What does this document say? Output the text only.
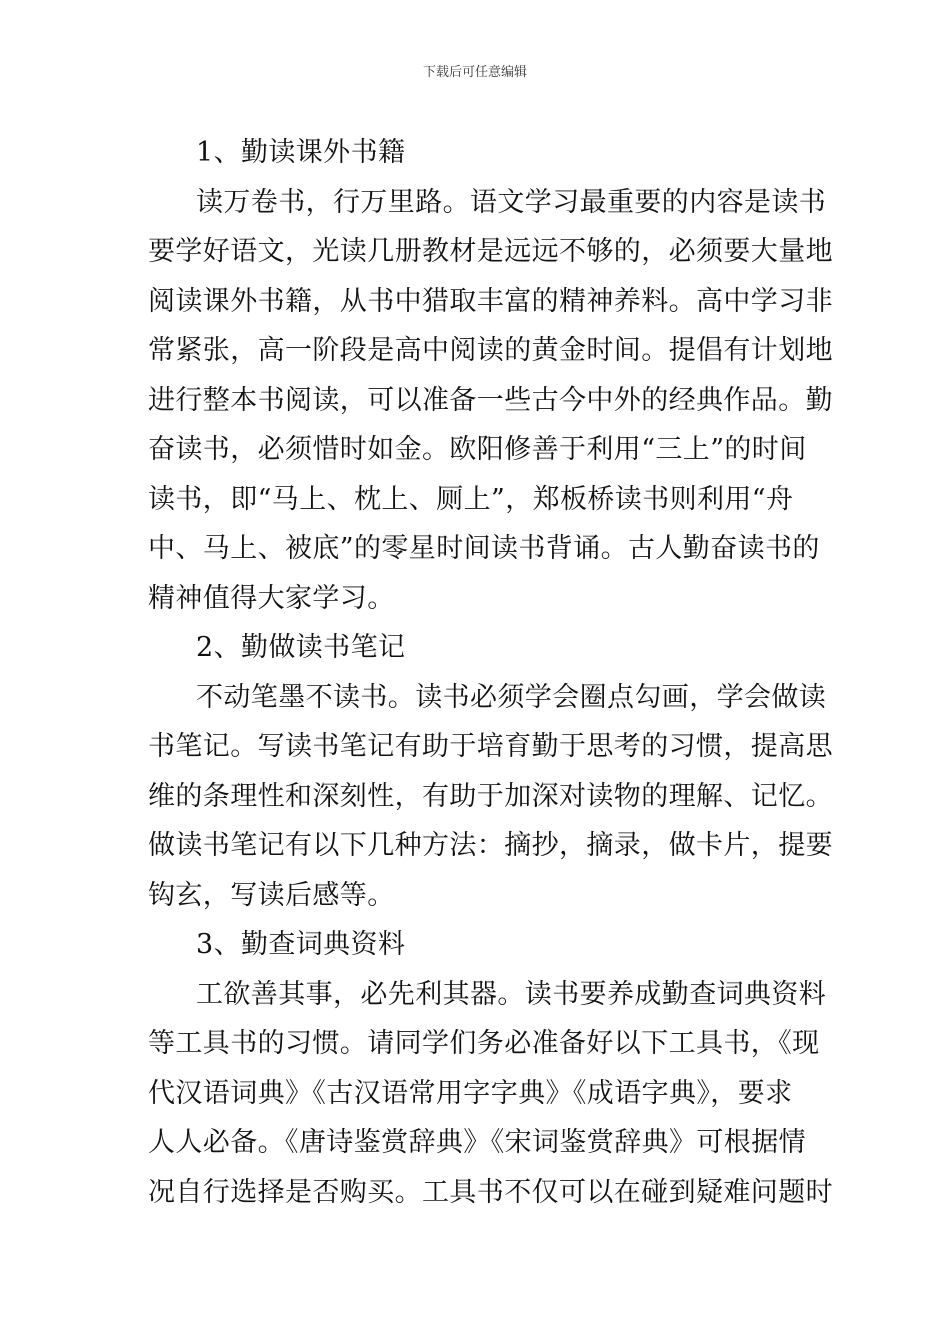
下载后可任意编辑
1、勤读课外书籍
读万卷书，行万里路。语文学习最重要的内容是读书
要学好语文，光读几册教材是远远不够的，必须要大量地
阅读课外书籍，从书中猎取丰富的精神养料。高中学习非
常紧张，高一阶段是高中阅读的黄金时间。提倡有计划地
进行整本书阅读，可以准备一些古今中外的经典作品。勤
奋读书，必须惜时如金。欧阳修善于利用“三上”的时间
读书，即“马上、枕上、厕上”，郑板桥读书则利用“舟
中、马上、被底”的零星时间读书背诵。古人勤奋读书的
精神值得大家学习。
2、勤做读书笔记
不动笔墨不读书。读书必须学会圈点勾画，学会做读
书笔记。写读书笔记有助于培育勤于思考的习惯，提高思
维的条理性和深刻性，有助于加深对读物的理解、记忆。
做读书笔记有以下几种方法：摘抄，摘录，做卡片，提要
钩玄，写读后感等。
3、勤查词典资料
工欲善其事，必先利其器。读书要养成勤查词典资料
等工具书的习惯。请同学们务必准备好以下工具书，《现
代汉语词典》《古汉语常用字字典》《成语字典》，要求
人人必备。《唐诗鉴赏辞典》《宋词鉴赏辞典》可根据情
况自行选择是否购买。工具书不仅可以在碰到疑难问题时
